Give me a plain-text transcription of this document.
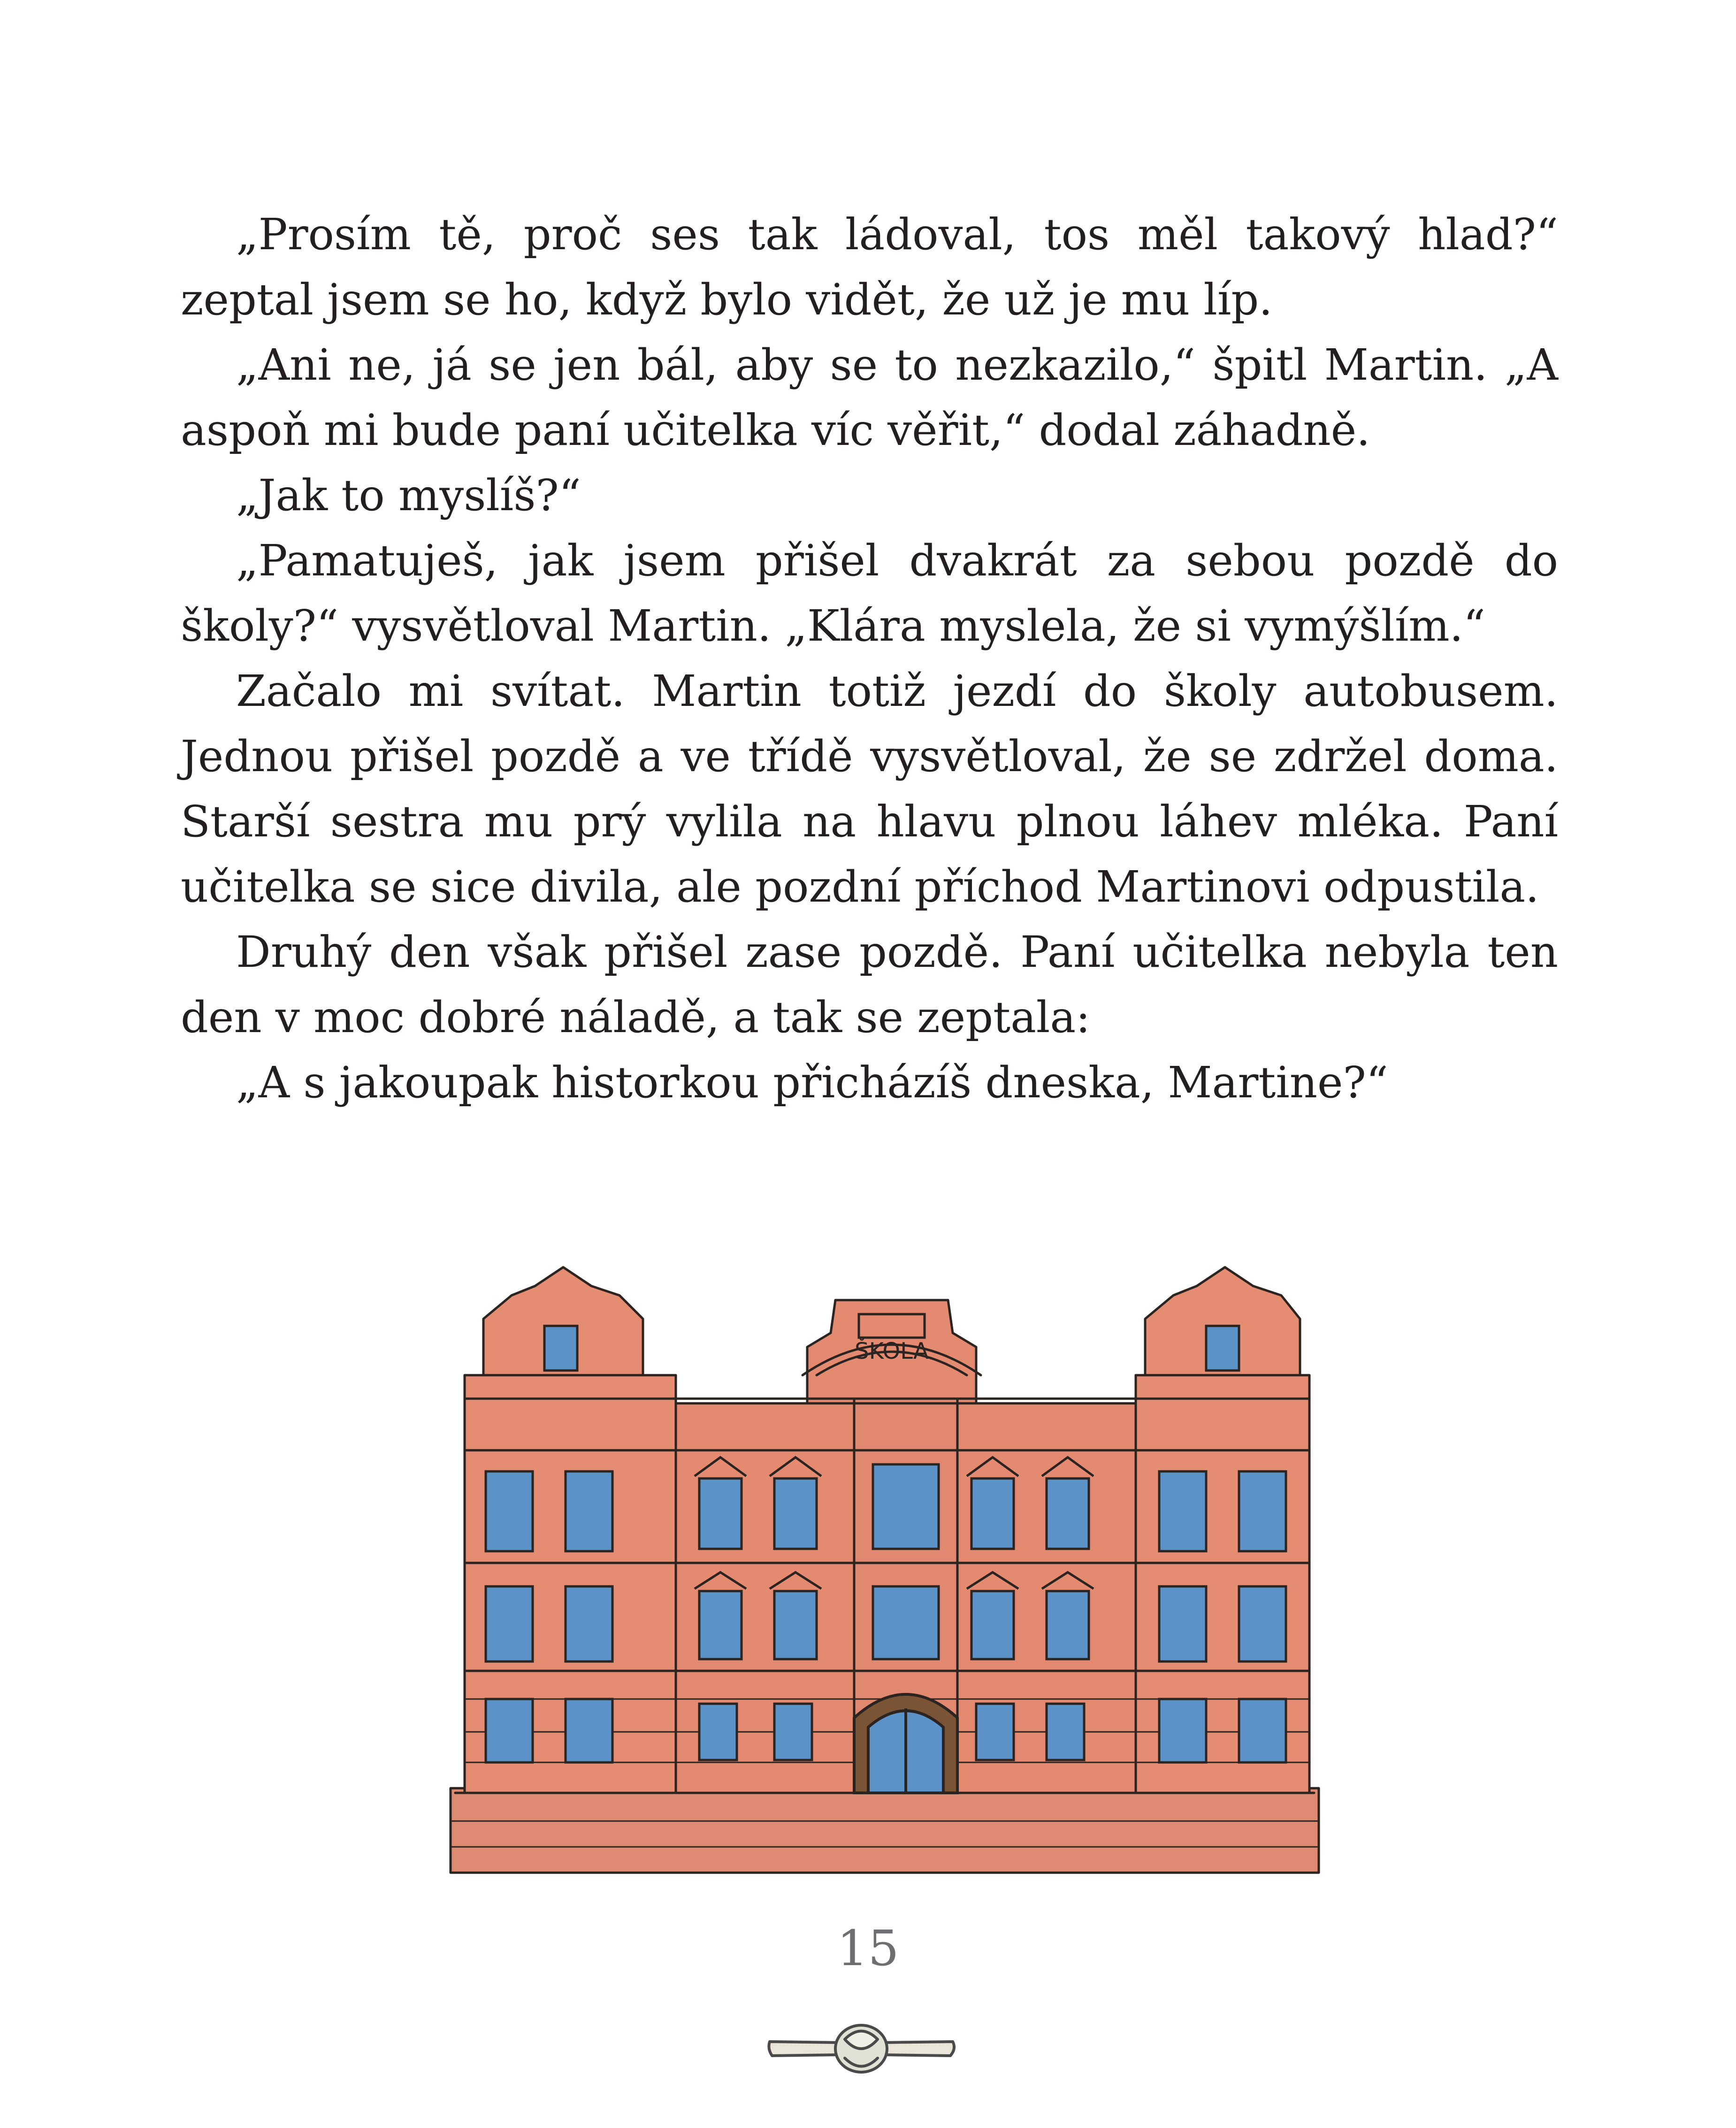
„Prosím tě, proč ses tak ládoval, tos měl takový hlad?“ zeptal jsem se ho, když bylo vidět, že už je mu líp.

„Ani ne, já se jen bál, aby se to nezkazilo,“ špitl Martin. „A aspoň mi bude paní učitelka víc věřit,“ dodal záhadně.

„Jak to myslíš?“

„Pamatuješ, jak jsem přišel dvakrát za sebou pozdě do školy?“ vysvětloval Martin. „Klára myslela, že si vymýšlím.“

Začalo mi svítat. Martin totiž jezdí do školy autobusem. Jednou přišel pozdě a ve třídě vysvětloval, že se zdržel doma. Starší sestra mu prý vylila na hlavu plnou láhev mléka. Paní učitelka se sice divila, ale pozdní příchod Martinovi odpustila.

Druhý den však přišel zase pozdě. Paní učitelka nebyla ten den v moc dobré náladě, a tak se zeptala:

„A s jakoupak historkou přicházíš dneska, Martine?“

ŠKOLA
15
